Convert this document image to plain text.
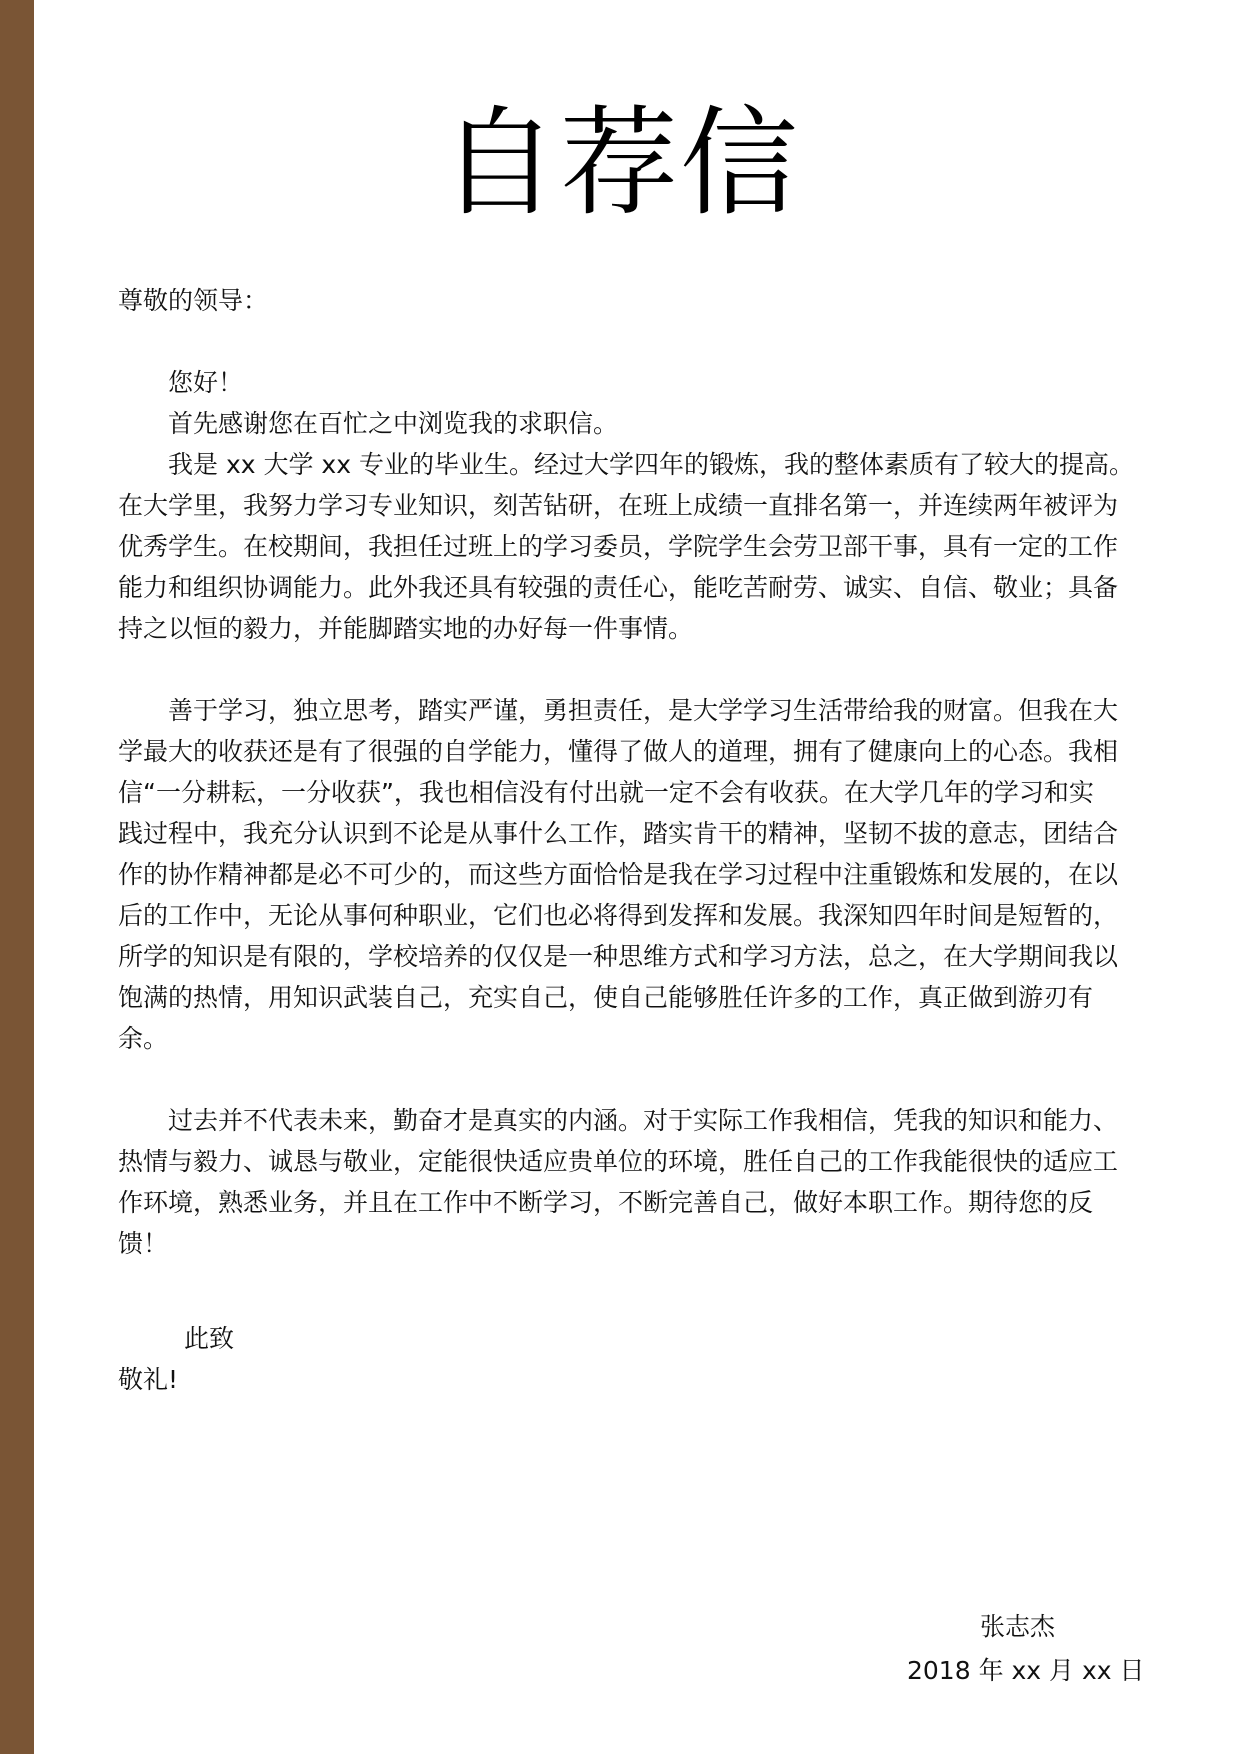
自荐信
尊敬的领导：
您好！
首先感谢您在百忙之中浏览我的求职信。
我是 xx 大学 xx 专业的毕业生。经过大学四年的锻炼，我的整体素质有了较大的提高。
在大学里，我努力学习专业知识，刻苦钻研，在班上成绩一直排名第一，并连续两年被评为
优秀学生。在校期间，我担任过班上的学习委员，学院学生会劳卫部干事，具有一定的工作
能力和组织协调能力。此外我还具有较强的责任心，能吃苦耐劳、诚实、自信、敬业；具备
持之以恒的毅力，并能脚踏实地的办好每一件事情。
善于学习，独立思考，踏实严谨，勇担责任，是大学学习生活带给我的财富。但我在大
学最大的收获还是有了很强的自学能力，懂得了做人的道理，拥有了健康向上的心态。我相
信“一分耕耘，一分收获”，我也相信没有付出就一定不会有收获。在大学几年的学习和实
践过程中，我充分认识到不论是从事什么工作，踏实肯干的精神，坚韧不拔的意志，团结合
作的协作精神都是必不可少的，而这些方面恰恰是我在学习过程中注重锻炼和发展的，在以
后的工作中，无论从事何种职业，它们也必将得到发挥和发展。我深知四年时间是短暂的，
所学的知识是有限的，学校培养的仅仅是一种思维方式和学习方法，总之，在大学期间我以
饱满的热情，用知识武装自己，充实自己，使自己能够胜任许多的工作，真正做到游刃有
余。
过去并不代表未来，勤奋才是真实的内涵。对于实际工作我相信，凭我的知识和能力、
热情与毅力、诚恳与敬业，定能很快适应贵单位的环境，胜任自己的工作我能很快的适应工
作环境，熟悉业务，并且在工作中不断学习，不断完善自己，做好本职工作。期待您的反
馈！
此致
敬礼!
张志杰
2018 年 xx 月 xx 日
